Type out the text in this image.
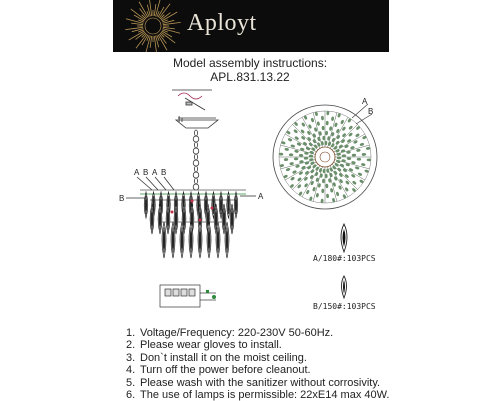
Aployt
Model assembly instructions:
APL.831.13.22
I
A B A B
B	A
A
B
A/180#:103PCS
B/150#:103PCS
1. Voltage/Frequency: 220-230V 50-60Hz.
2. Please wear gloves to install.
3. Don`t install it on the moist ceiling.
4. Turn off the power before cleanout.
5. Please wash with the sanitizer without corrosivity.
6. The use of lamps is permissible: 22xE14 max 40W.
